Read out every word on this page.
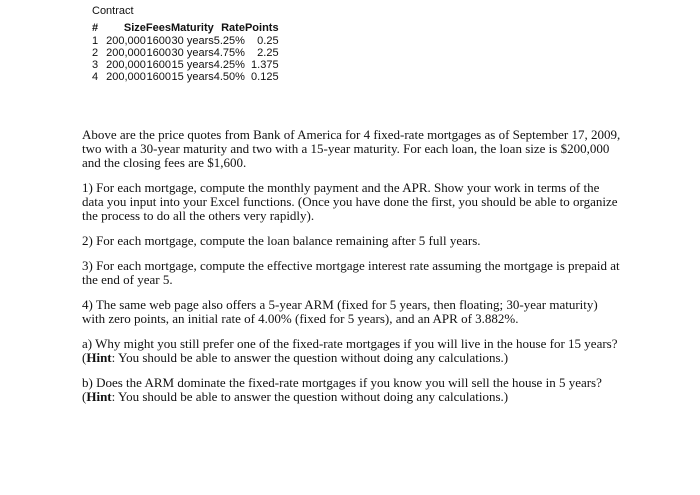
Contract
#	Size	Fees	Maturity	Rate	Points
1	200,000	1600	30 years	5.25%	0.25
2	200,000	1600	30 years	4.75%	2.25
3	200,000	1600	15 years	4.25%	1.375
4	200,000	1600	15 years	4.50%	0.125

Above are the price quotes from Bank of America for 4 fixed-rate mortgages as of September 17, 2009, two with a 30-year maturity and two with a 15-year maturity. For each loan, the loan size is $200,000 and the closing fees are $1,600.

1) For each mortgage, compute the monthly payment and the APR. Show your work in terms of the data you input into your Excel functions. (Once you have done the first, you should be able to organize the process to do all the others very rapidly).

2) For each mortgage, compute the loan balance remaining after 5 full years.

3) For each mortgage, compute the effective mortgage interest rate assuming the mortgage is prepaid at the end of year 5.

4) The same web page also offers a 5-year ARM (fixed for 5 years, then floating; 30-year maturity) with zero points, an initial rate of 4.00% (fixed for 5 years), and an APR of 3.882%.

a) Why might you still prefer one of the fixed-rate mortgages if you will live in the house for 15 years? (Hint: You should be able to answer the question without doing any calculations.)

b) Does the ARM dominate the fixed-rate mortgages if you know you will sell the house in 5 years? (Hint: You should be able to answer the question without doing any calculations.)
